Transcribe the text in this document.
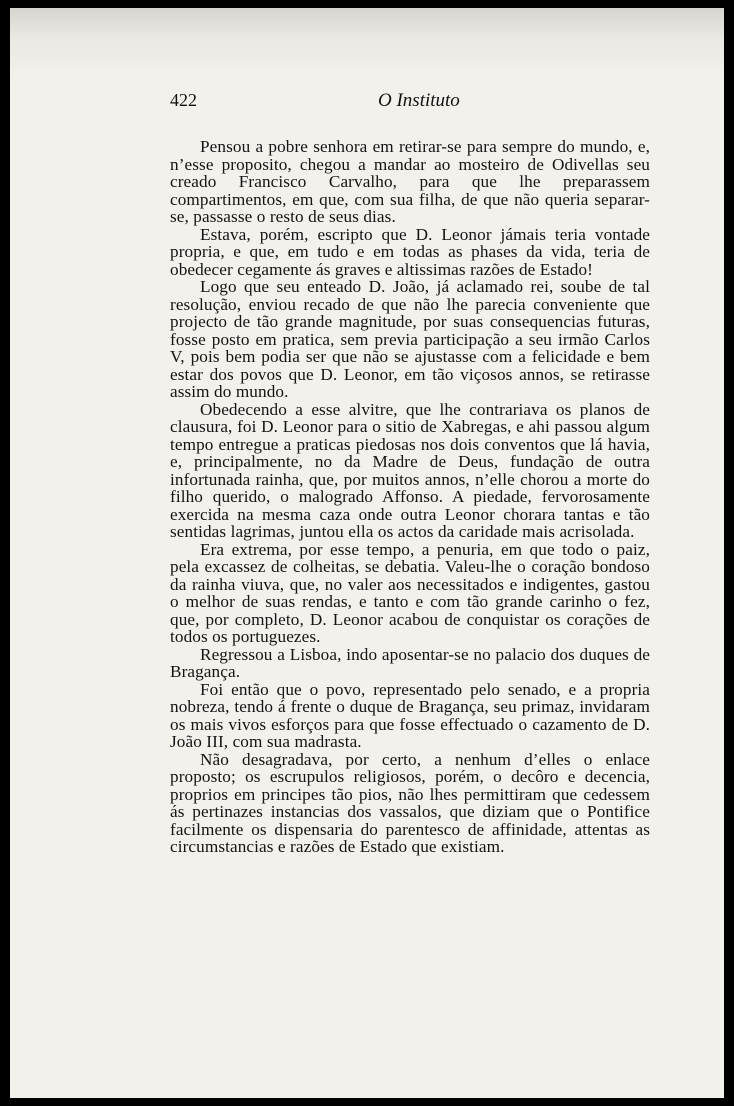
422	O Instituto

Pensou a pobre senhora em retirar-se para sempre do mundo, e, n’esse proposito, chegou a mandar ao mosteiro de Odivellas seu creado Francisco Carvalho, para que lhe preparassem compartimentos, em que, com sua filha, de que não queria separar-se, passasse o resto de seus dias.

Estava, porém, escripto que D. Leonor jámais teria vontade propria, e que, em tudo e em todas as phases da vida, teria de obedecer cegamente ás graves e altissimas razões de Estado!

Logo que seu enteado D. João, já aclamado rei, soube de tal resolução, enviou recado de que não lhe parecia conveniente que projecto de tão grande magnitude, por suas consequencias futuras, fosse posto em pratica, sem previa participação a seu irmão Carlos V, pois bem podia ser que não se ajustasse com a felicidade e bem estar dos povos que D. Leonor, em tão viçosos annos, se retirasse assim do mundo.

Obedecendo a esse alvitre, que lhe contrariava os planos de clausura, foi D. Leonor para o sitio de Xabregas, e ahi passou algum tempo entregue a praticas piedosas nos dois conventos que lá havia, e, principalmente, no da Madre de Deus, fundação de outra infortunada rainha, que, por muitos annos, n’elle chorou a morte do filho querido, o malogrado Affonso. A piedade, fervorosamente exercida na mesma caza onde outra Leonor chorara tantas e tão sentidas lagrimas, juntou ella os actos da caridade mais acrisolada.

Era extrema, por esse tempo, a penuria, em que todo o paiz, pela excassez de colheitas, se debatia. Valeu-lhe o coração bondoso da rainha viuva, que, no valer aos necessitados e indigentes, gastou o melhor de suas rendas, e tanto e com tão grande carinho o fez, que, por completo, D. Leonor acabou de conquistar os corações de todos os portuguezes.

Regressou a Lisboa, indo aposentar-se no palacio dos duques de Bragança.

Foi então que o povo, representado pelo senado, e a propria nobreza, tendo á frente o duque de Bragança, seu primaz, invidaram os mais vivos esforços para que fosse effectuado o cazamento de D. João III, com sua madrasta.

Não desagradava, por certo, a nenhum d’elles o enlace proposto; os escrupulos religiosos, porém, o decôro e decencia, proprios em principes tão pios, não lhes permittiram que cedessem ás pertinazes instancias dos vassalos, que diziam que o Pontifice facilmente os dispensaria do parentesco de affinidade, attentas as circumstancias e razões de Estado que existiam.
